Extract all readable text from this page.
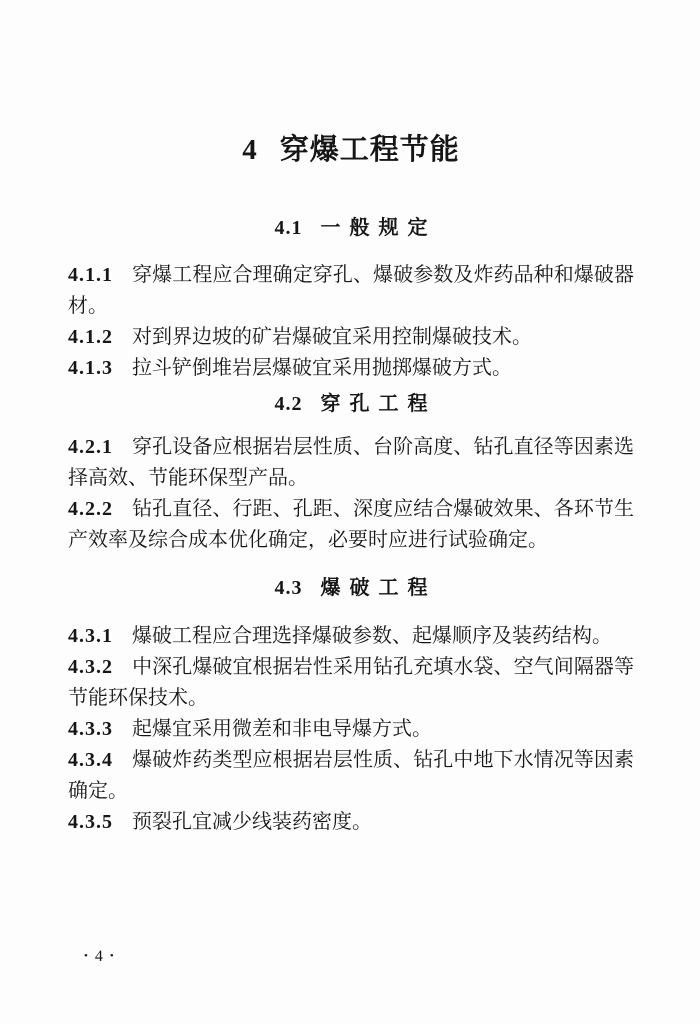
4 穿爆工程节能
4.1 一般规定

4.1.1 穿爆工程应合理确定穿孔、爆破参数及炸药品种和爆破器材。

4.1.2 对到界边坡的矿岩爆破宜采用控制爆破技术。

4.1.3 拉斗铲倒堆岩层爆破宜采用抛掷爆破方式。

4.2 穿孔工程

4.2.1 穿孔设备应根据岩层性质、台阶高度、钻孔直径等因素选择高效、节能环保型产品。

4.2.2 钻孔直径、行距、孔距、深度应结合爆破效果、各环节生产效率及综合成本优化确定，必要时应进行试验确定。

4.3 爆破工程

4.3.1 爆破工程应合理选择爆破参数、起爆顺序及装药结构。

4.3.2 中深孔爆破宜根据岩性采用钻孔充填水袋、空气间隔器等节能环保技术。

4.3.3 起爆宜采用微差和非电导爆方式。

4.3.4 爆破炸药类型应根据岩层性质、钻孔中地下水情况等因素确定。

4.3.5 预裂孔宜减少线装药密度。

• 4 •
